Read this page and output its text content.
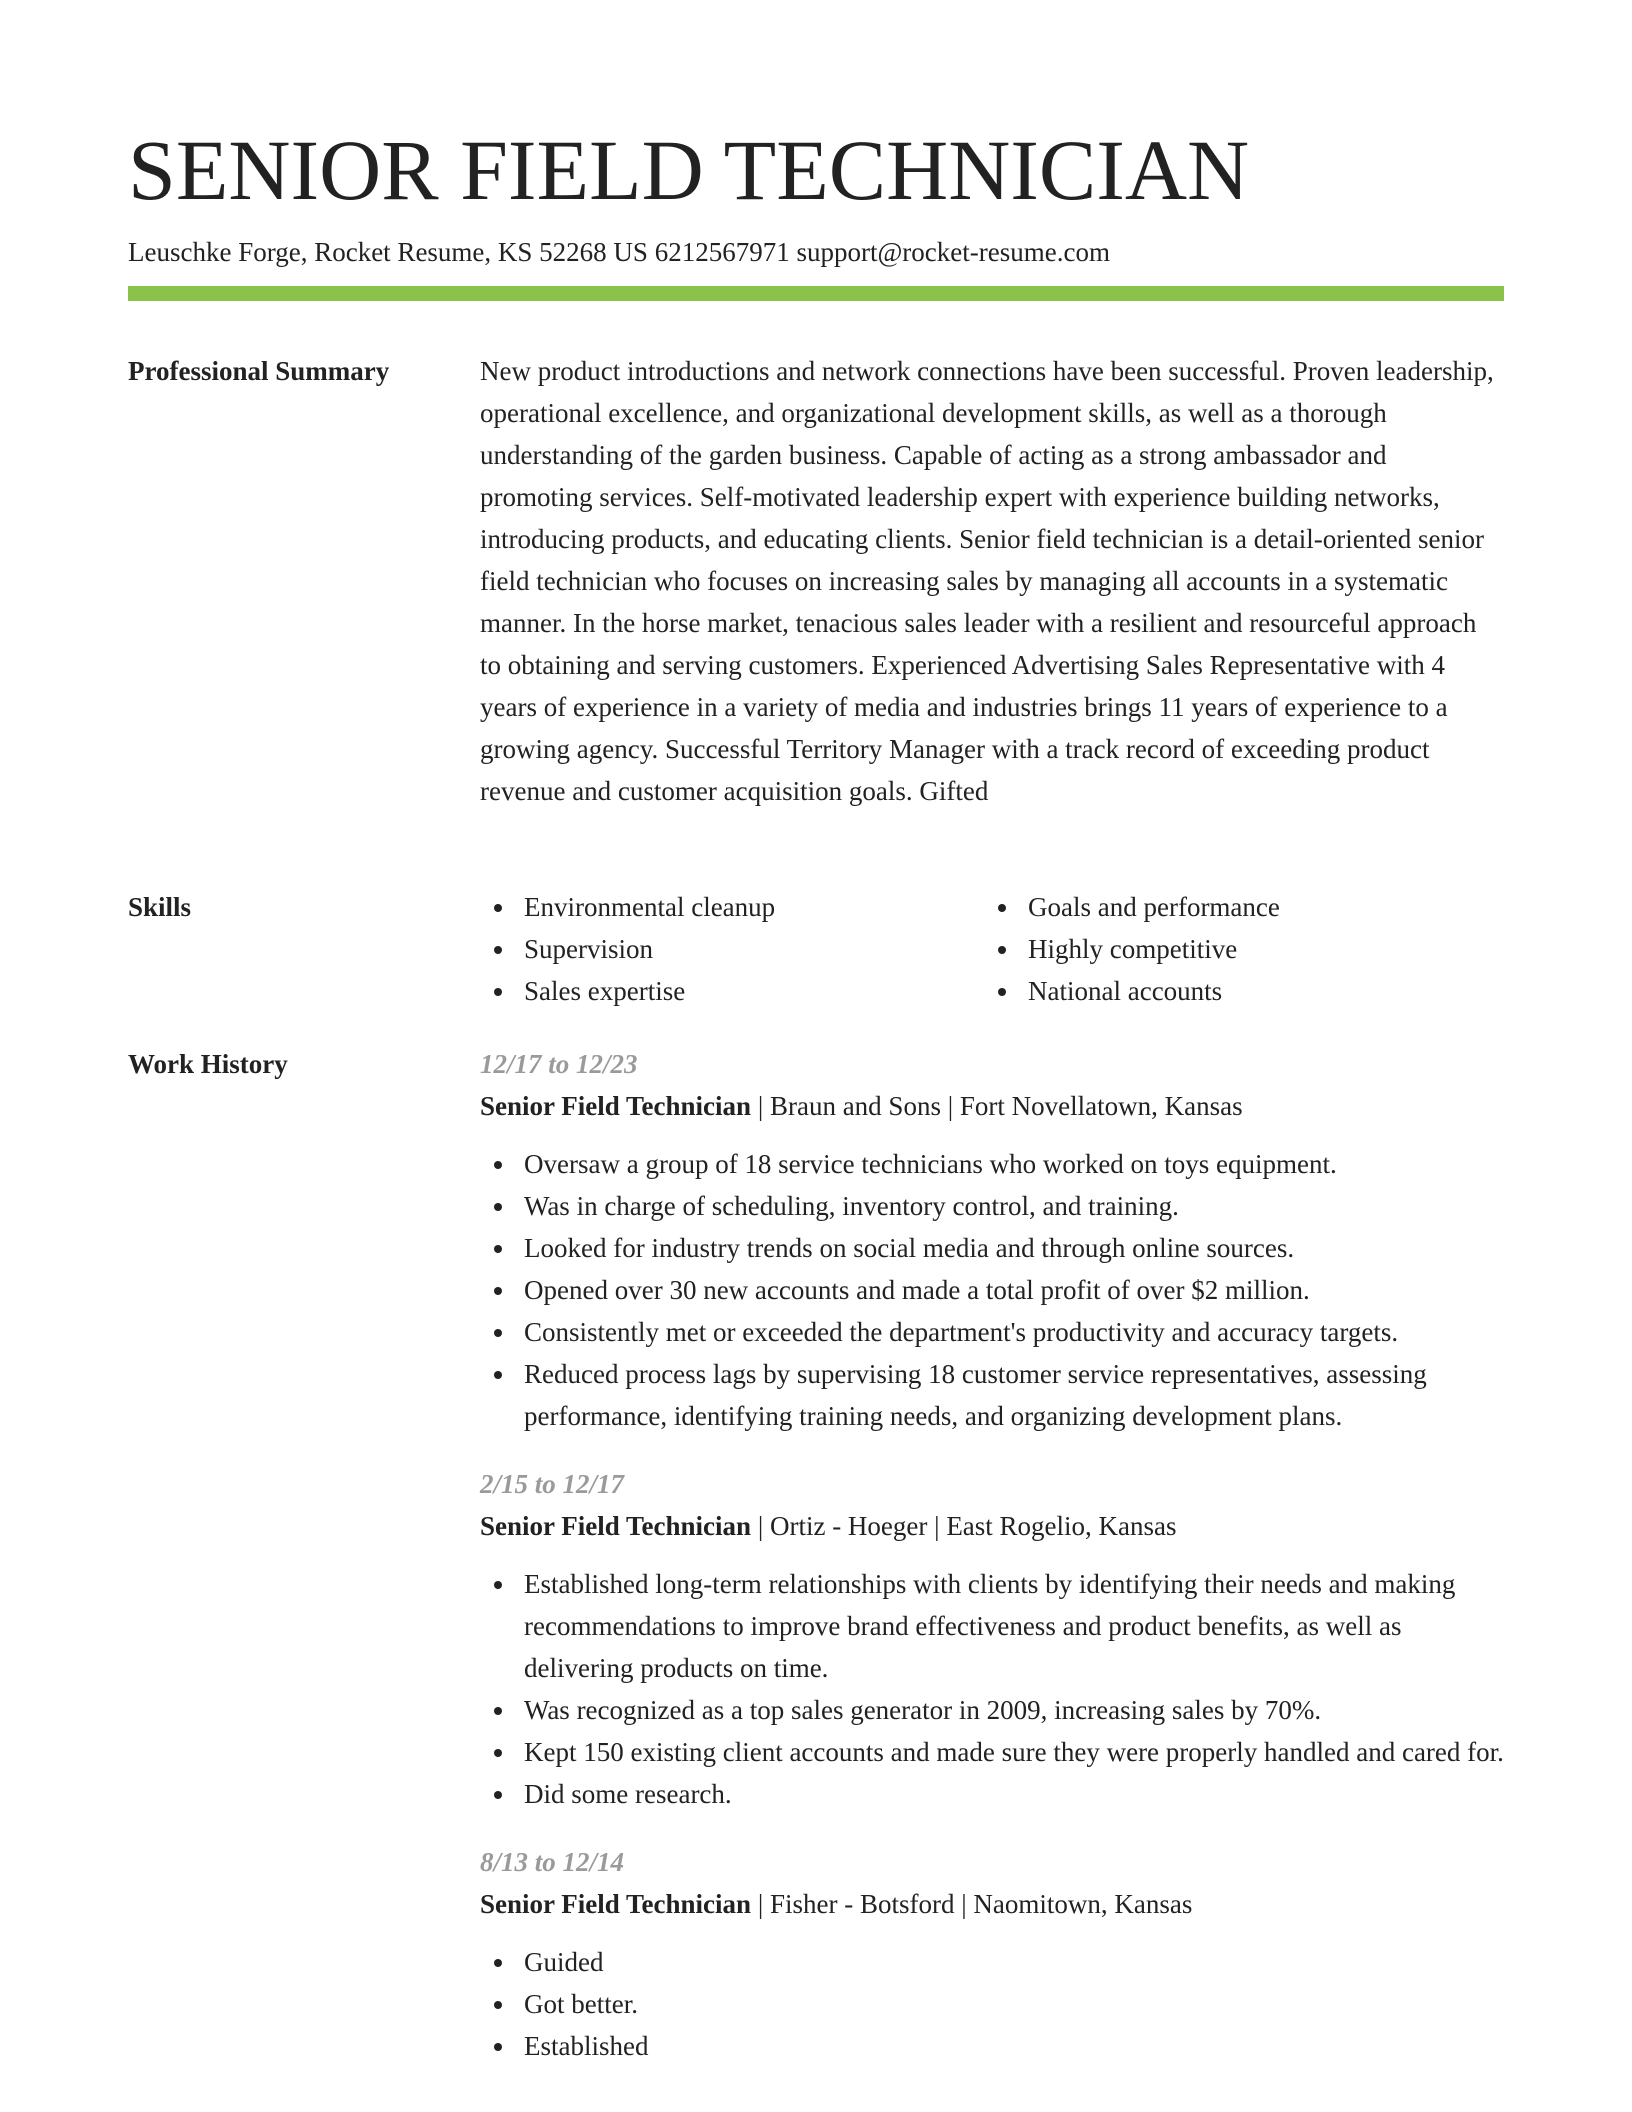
SENIOR FIELD TECHNICIAN
Leuschke Forge, Rocket Resume, KS 52268 US 6212567971 support@rocket-resume.com
Professional Summary	New product introductions and network connections have been successful. Proven leadership, operational excellence, and organizational development skills, as well as a thorough understanding of the garden business. Capable of acting as a strong ambassador and promoting services. Self-motivated leadership expert with experience building networks, introducing products, and educating clients. Senior field technician is a detail-oriented senior field technician who focuses on increasing sales by managing all accounts in a systematic manner. In the horse market, tenacious sales leader with a resilient and resourceful approach to obtaining and serving customers. Experienced Advertising Sales Representative with 4 years of experience in a variety of media and industries brings 11 years of experience to a growing agency. Successful Territory Manager with a track record of exceeding product revenue and customer acquisition goals. Gifted

Skills	Environmental cleanup
Supervision
Sales expertise
Goals and performance
Highly competitive
National accounts
Work History	12/17 to 12/23
Senior Field Technician | Braun and Sons | Fort Novellatown, Kansas
Oversaw a group of 18 service technicians who worked on toys equipment.
Was in charge of scheduling, inventory control, and training.
Looked for industry trends on social media and through online sources.
Opened over 30 new accounts and made a total profit of over $2 million.
Consistently met or exceeded the department's productivity and accuracy targets.
Reduced process lags by supervising 18 customer service representatives, assessing performance, identifying training needs, and organizing development plans.
2/15 to 12/17
Senior Field Technician | Ortiz - Hoeger | East Rogelio, Kansas
Established long-term relationships with clients by identifying their needs and making recommendations to improve brand effectiveness and product benefits, as well as delivering products on time.
Was recognized as a top sales generator in 2009, increasing sales by 70%.
Kept 150 existing client accounts and made sure they were properly handled and cared for.
Did some research.
8/13 to 12/14
Senior Field Technician | Fisher - Botsford | Naomitown, Kansas
Guided
Got better.
Established
